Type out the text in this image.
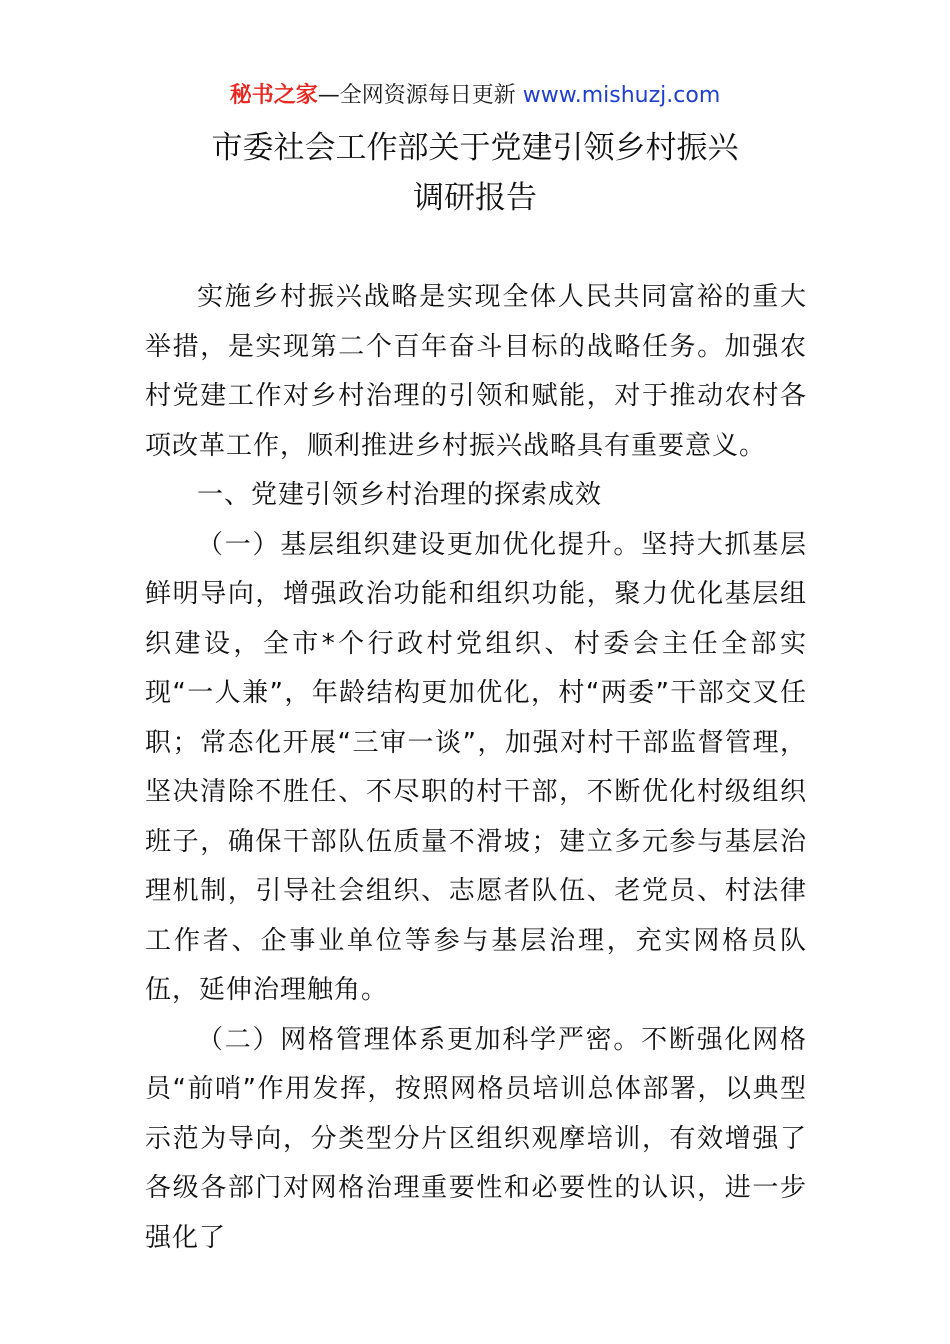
秘书之家—全网资源每日更新 www.mishuzj.com
市委社会工作部关于党建引领乡村振兴
调研报告

实施乡村振兴战略是实现全体人民共同富裕的重大举措，是实现第二个百年奋斗目标的战略任务。加强农村党建工作对乡村治理的引领和赋能，对于推动农村各项改革工作，顺利推进乡村振兴战略具有重要意义。

一、党建引领乡村治理的探索成效

（一）基层组织建设更加优化提升。坚持大抓基层鲜明导向，增强政治功能和组织功能，聚力优化基层组织建设，全市*个行政村党组织、村委会主任全部实现“一人兼”，年龄结构更加优化，村“两委”干部交叉任职；常态化开展“三审一谈”，加强对村干部监督管理，坚决清除不胜任、不尽职的村干部，不断优化村级组织班子，确保干部队伍质量不滑坡；建立多元参与基层治理机制，引导社会组织、志愿者队伍、老党员、村法律工作者、企事业单位等参与基层治理，充实网格员队伍，延伸治理触角。

（二）网格管理体系更加科学严密。不断强化网格员“前哨”作用发挥，按照网格员培训总体部署，以典型示范为导向，分类型分片区组织观摩培训，有效增强了各级各部门对网格治理重要性和必要性的认识，进一步强化了
